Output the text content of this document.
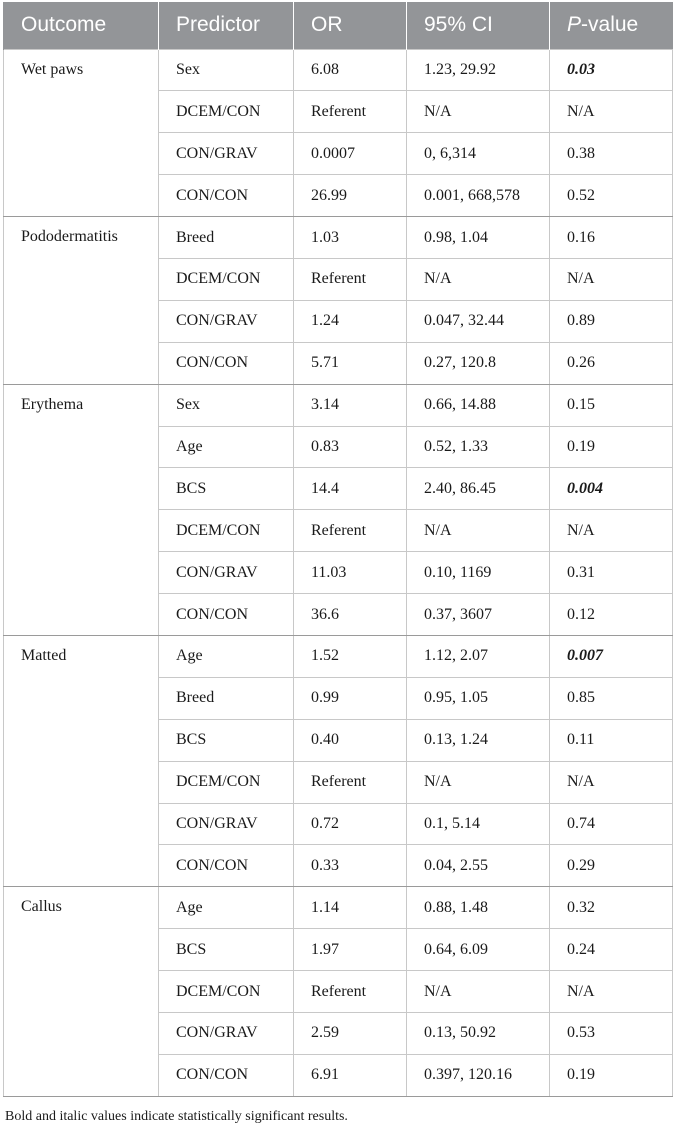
Outcome	Predictor	OR	95% CI	P-value
Wet paws	Sex	6.08	1.23, 29.92	0.03
	DCEM/CON	Referent	N/A	N/A
	CON/GRAV	0.0007	0, 6,314	0.38
	CON/CON	26.99	0.001, 668,578	0.52
Pododermatitis	Breed	1.03	0.98, 1.04	0.16
	DCEM/CON	Referent	N/A	N/A
	CON/GRAV	1.24	0.047, 32.44	0.89
	CON/CON	5.71	0.27, 120.8	0.26
Erythema	Sex	3.14	0.66, 14.88	0.15
	Age	0.83	0.52, 1.33	0.19
	BCS	14.4	2.40, 86.45	0.004
	DCEM/CON	Referent	N/A	N/A
	CON/GRAV	11.03	0.10, 1169	0.31
	CON/CON	36.6	0.37, 3607	0.12
Matted	Age	1.52	1.12, 2.07	0.007
	Breed	0.99	0.95, 1.05	0.85
	BCS	0.40	0.13, 1.24	0.11
	DCEM/CON	Referent	N/A	N/A
	CON/GRAV	0.72	0.1, 5.14	0.74
	CON/CON	0.33	0.04, 2.55	0.29
Callus	Age	1.14	0.88, 1.48	0.32
	BCS	1.97	0.64, 6.09	0.24
	DCEM/CON	Referent	N/A	N/A
	CON/GRAV	2.59	0.13, 50.92	0.53
	CON/CON	6.91	0.397, 120.16	0.19
Bold and italic values indicate statistically significant results.
